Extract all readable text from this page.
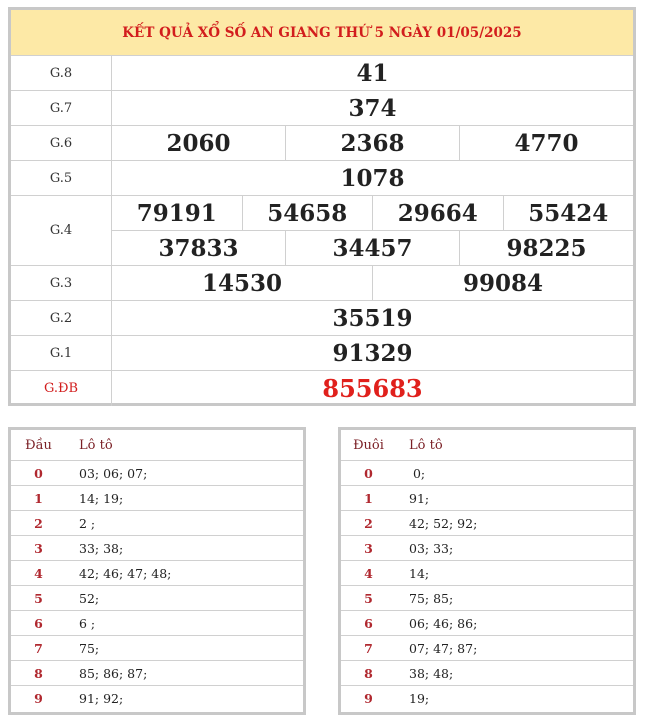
KẾT QUẢ XỔ SỐ AN GIANG THỨ 5 NGÀY 01/05/2025
G.8	41
G.7	374
G.6	2060	2368	4770
G.5	1078
G.4
79191	54658	29664	55424
37833	34457	98225
G.3	14530	99084
G.2	35519
G.1	91329
G.ĐB	855683
Đầu	Lô tô
0	03; 06; 07;
1	14; 19;
2	2 ;
3	33; 38;
4	42; 46; 47; 48;
5	52;
6	6 ;
7	75;
8	85; 86; 87;
9	91; 92;
Đuôi	Lô tô
0	0;
1	91;
2	42; 52; 92;
3	03; 33;
4	14;
5	75; 85;
6	06; 46; 86;
7	07; 47; 87;
8	38; 48;
9	19;
